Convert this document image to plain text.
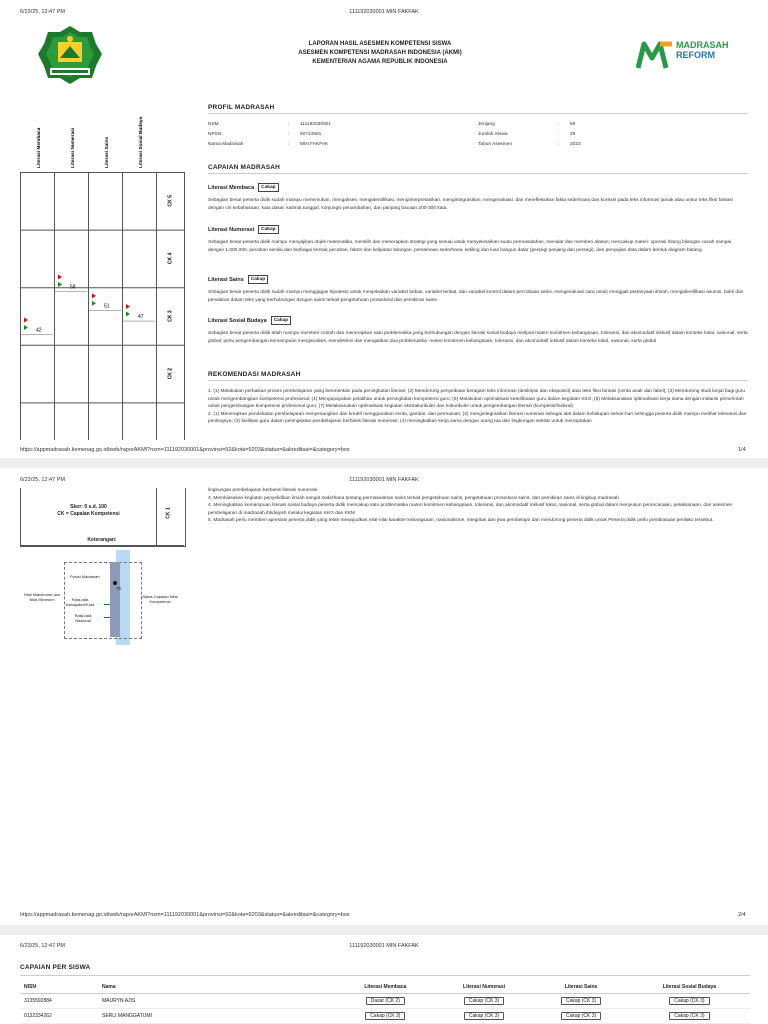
6/23/25, 12:47 PM	111192030001 MIN FAKFAK
LAPORAN HASIL ASESMEN KOMPETENSI SISWA
ASESMEN KOMPETENSI MADRASAH INDONESIA (AKMI)
KEMENTERIAN AGAMA REPUBLIK INDONESIA
MADRASAH
REFORM
PROFIL MADRASAH
NSM	: 111192030001
NPSN	: 60724581
Nama Madrasah	: MIN FAKFAK
Jenjang	: MI
Jumlah Siswa	: 29
Tahun Asesmen	: 2023
CAPAIAN MADRASAH
Literasi Membaca Cakap
Sebagian besar peserta didik sudah mampu menemukan, mengakses, mengidentifikasi, menginterpretasikan, mengintegrasikan, mengevaluasi, dan merefleksikan fakta sederhana dan konkret pada teks informasi jamak atau unsur teks fiksi fantasi dengan ciri kebahasaan: kata dasar, kalimat tunggal, konjungsi penambahan, dan panjang bacaan 200-300 kata.
Literasi Numerasi Cakap
Sebagian besar peserta didik mampu menyajikan objek matematika, memilih dan menerapkan strategi yang sesuai untuk menyelesaikan suatu permasalahan, menalar dan memberi alasan; mencakup materi: operasi hitung bilangan cacah sampai dengan 1.000.000, pecahan senilai dan berbagai bentuk pecahan, faktor dan kelipatan bilangan, persamaan sederhana, keliling dan luas bangun datar (persegi panjang dan persegi), dan penyajian data dalam bentuk diagram batang.
Literasi Sains Cakap
Sebagian besar peserta didik sudah mampu menggagas hipotesis untuk menjelaskan variabel bebas, variabel terikat, dan variabel kontrol dalam percobaan sains, mengevaluasi cara untuk menggali pertanyaan ilmiah, mengidentifikasi asumsi, bukti dan penalaran dalam teks yang berhubungan dengan sains terkait pengetahuan prosedural dan pemikiran sains.
Literasi Sosial Budaya Cakap
Sebagian besar peserta didik telah mampu memberi contoh dan menerapkan satu problematika yang berhubungan dengan literasi sosial budaya meliputi materi komitmen kebangsaan, toleransi, dan akomodatif inklusif dalam konteks lokal, nasional, serta global; perlu pengembangan kemampuan menganalisis, mendeteksi dan mengaitkan dua problematika; materi komitmen kebangsaan, toleransi, dan akomodatif inklusif dalam konteks lokal, nasional, serta global
REKOMENDASI MADRASAH
1. (1) Melakukan perbaikan proses pembelajaran yang berorientasi pada peningkatan literasi; (2) Mendorong penyediaan beragam teks informasi (deskripsi dan eksposisi) atau teks fiksi fantasi (cerita anak dan fabel); (3) Mendorong studi lanjut bagi guru untuk mengembangkan kompetensi profesional; (4) Mengupayakan pelatihan untuk peningkatan kompetensi guru; (5) Melakukan optimalisasi keterlibatan guru dalam kegiatan KKG; (6) Melaksanakan optimalisasi kerja sama dengan instansi pemerintah untuk pengembangan kompetensi profesional guru; (7) Melaksanakan optimalisasi kegiatan ekstrakurikuler dan kokurikuler untuk pengembangan literasi (kompetisi/festival)
2. (1) Menerapkan pendekatan pembelajaran menyenangkan dan kreatif menggunakan cerita, gambar, dan permainan; (2) mengintegrasikan literasi numerasi sebagai alat dalam kehidupan sehari-hari sehingga peserta didik mampu melihat relevansi dan pentingnya; (3) fasilitasi guru dalam peningkatan pembelajaran berbasis literasi numerasi; (4) meningkatkan kerja sama dengan orang tua dan lingkungan sekitar untuk menciptakan
CK 5
CK 4
CK 3
CK 2
Literasi Membaca	Literasi Numerasi	Literasi Sains	Literasi Sosial Budaya
42
58
51
47
https://appmadrasah.kemenag.go.id/web/raporAKMI?nsm=111192030001&provinsi=92&kota=9203&status=&akreditasi=&category=box	1/4
6/23/25, 12:47 PM	111192030001 MIN FAKFAK
CK 1
Skor: 0 s.d. 100
CK = Capaian Kompetensi
Keterangan:
75
Posisi Madrasah
Rata-rata Kabupaten/Kota
Rata-rata Nasional
Nilai Maksimum dan Nilai Minimum
Batas Capaian Nilai Kompetensi
lingkungan pembelajaran berbasis literasi numerasi.
3. Membiasakan kegiatan penyelidikan ilmiah sangat sederhana tentang permasalahan sains terkait pengetahuan sains, pengetahuan prosedural sains, dan pemikiran sains di lingkup madrasah.
4. Meningkatkan kemampuan literasi sosial budaya peserta didik mencakup satu problematika materi komitmen kebangsaan, toleransi, dan akomodatif inklusif lokal, nasional, serta global dalam menyusun perencanaan, pelaksanaan, dan asesmen pembelajaran di madrasah ibtidaiyah melalui kegiatan KKG dan KKM
5. Madrasah perlu memberi apresiasi peserta didik yang telah mewujudkan nilai-nilai karakter kebangsaan, nasionalisme, integritas dan jiwa pembelajar dan mendorong peserta didik untuk Peserta didik perlu pembiasaan perilaku tersebut.
https://appmadrasah.kemenag.go.id/web/raporAKMI?nsm=111192030001&provinsi=92&kota=9203&status=&akreditasi=&category=box	2/4
6/23/25, 12:47 PM	111192030001 MIN FAKFAK
CAPAIAN PER SISWA
NISN	Nama	Literasi Membaca	Literasi Numerasi	Literasi Sains	Literasi Sosial Budaya
3135592884	MAURYN AJIS	Dasar (CK 2)	Cakap (CK 3)	Cakap (CK 3)	Cakap (CK 3)
0132334262	SERLI MANGGATUMI	Cakap (CK 3)	Cakap (CK 3)	Cakap (CK 3)	Cakap (CK 3)
